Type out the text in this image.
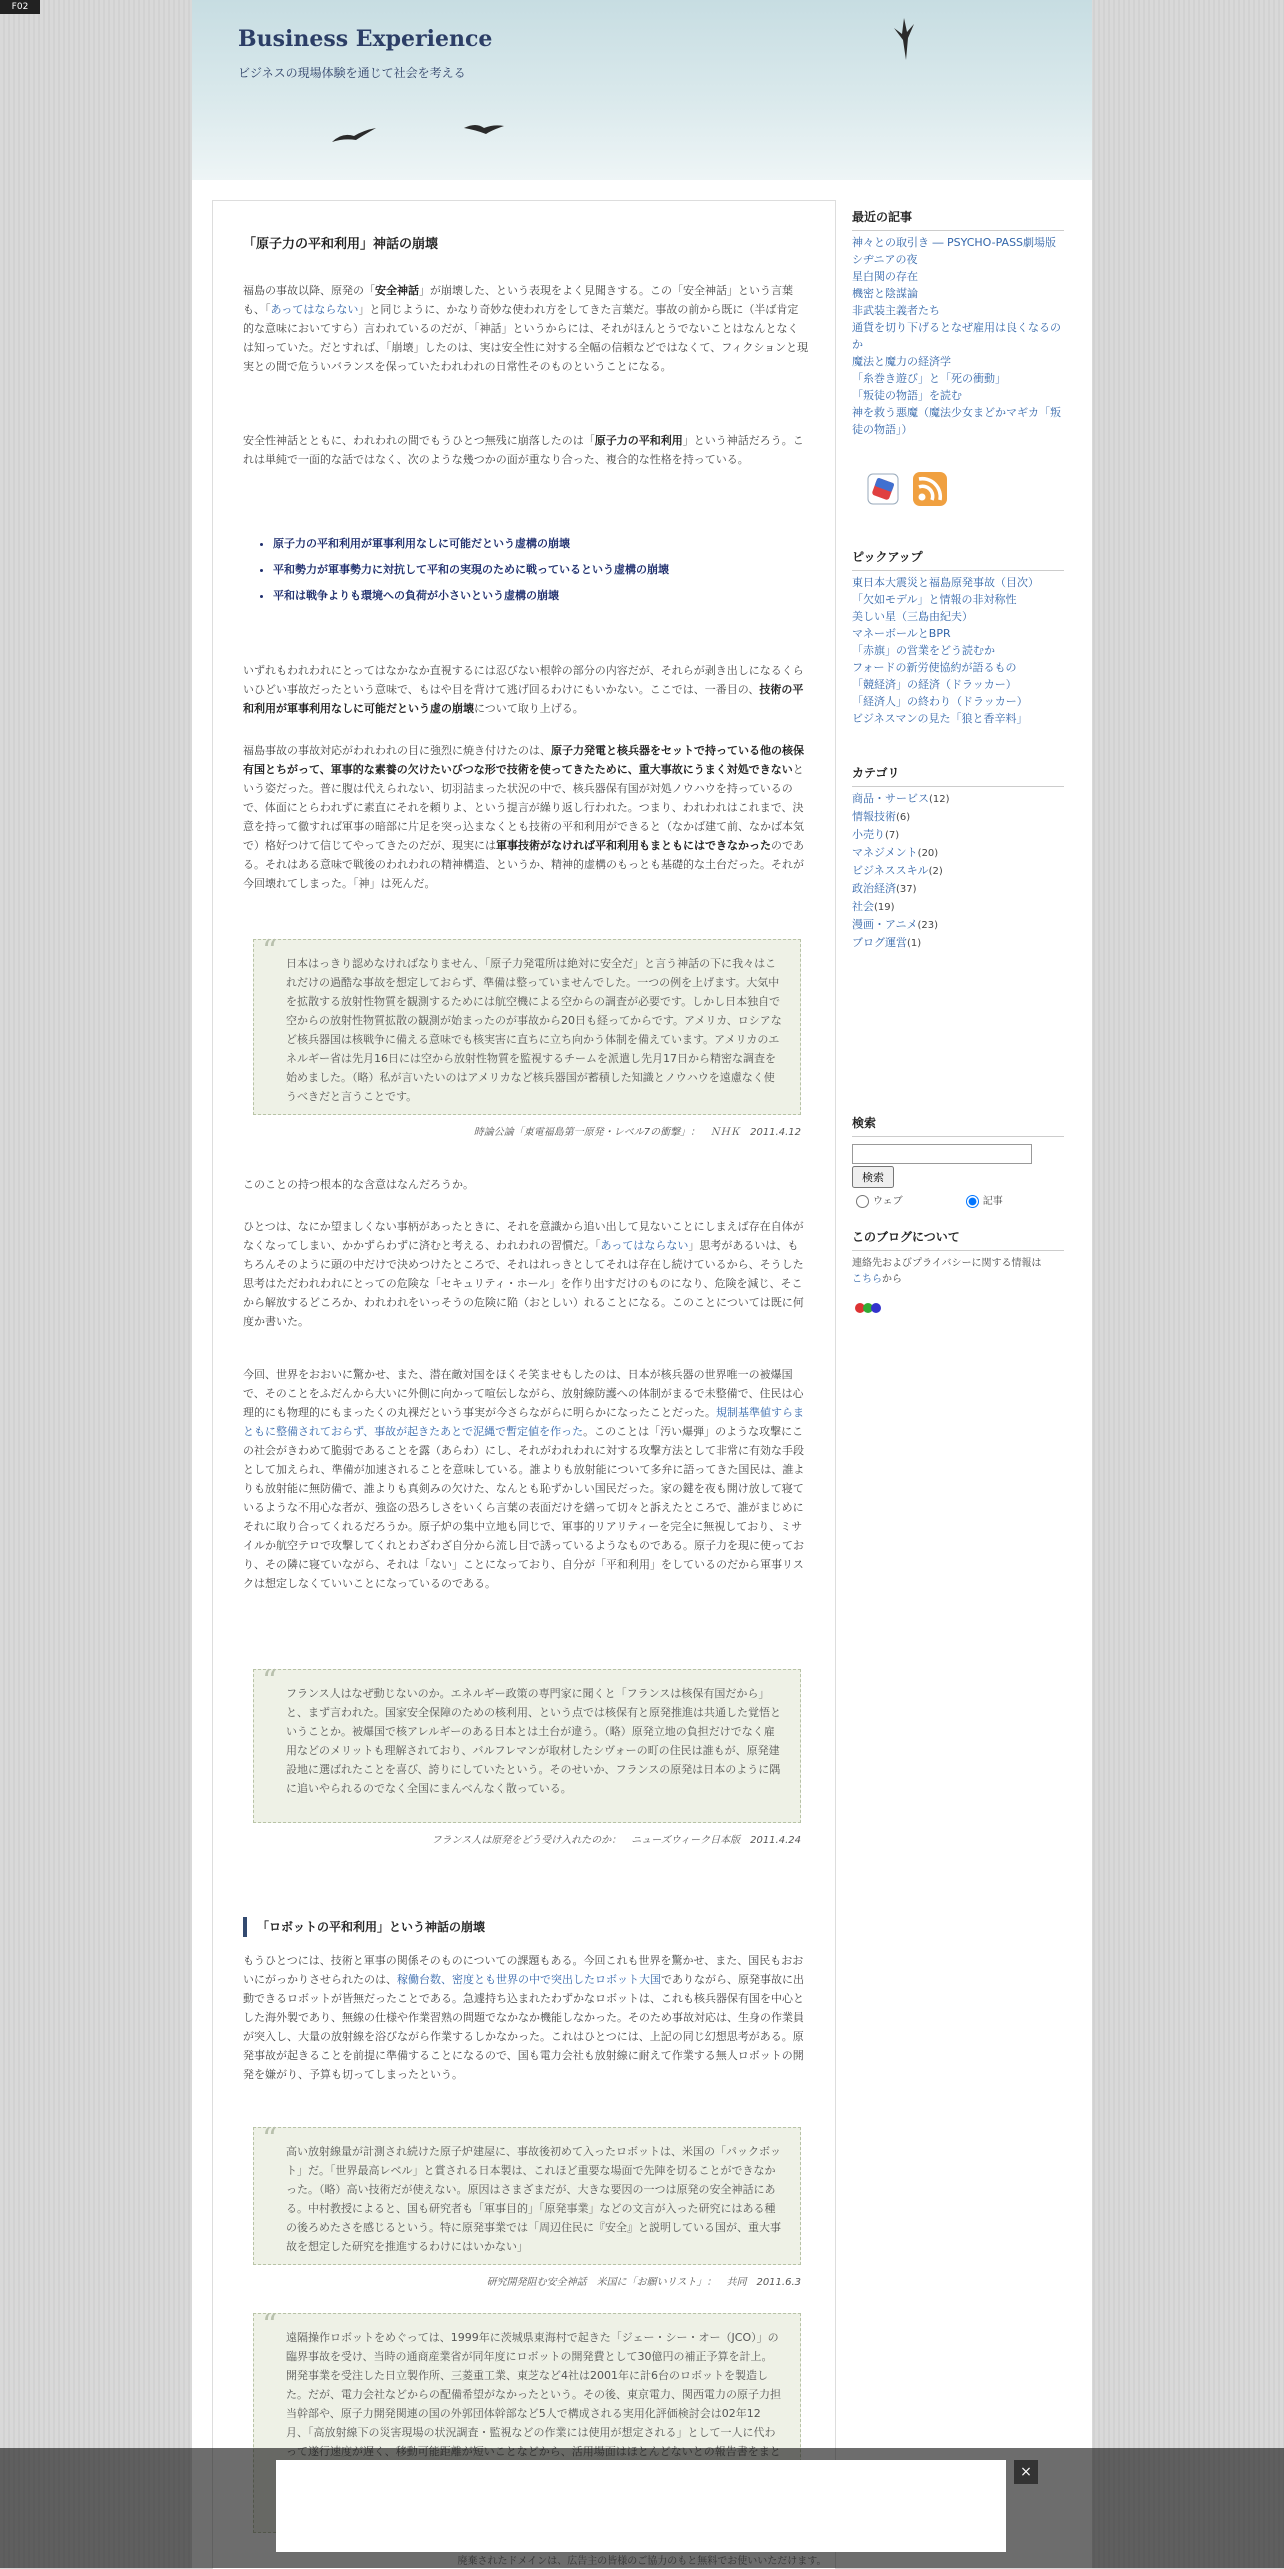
F02
Business Experience
ビジネスの現場体験を通じて社会を考える
「原子力の平和利用」神話の崩壊

福島の事故以降、原発の「安全神話」が崩壊した、という表現をよく見聞きする。この「安全神話」という言葉も、「あってはならない」と同じように、かなり奇妙な使われ方をしてきた言葉だ。事故の前から既に（半ば肯定的な意味においてすら）言われているのだが、「神話」というからには、それがほんとうでないことはなんとなくは知っていた。だとすれば、「崩壊」したのは、実は安全性に対する全幅の信頼などではなくて、フィクションと現実との間で危ういバランスを保っていたわれわれの日常性そのものということになる。

安全性神話とともに、われわれの間でもうひとつ無残に崩落したのは「原子力の平和利用」という神話だろう。これは単純で一面的な話ではなく、次のような幾つかの面が重なり合った、複合的な性格を持っている。

• 原子力の平和利用が軍事利用なしに可能だという虚構の崩壊
• 平和勢力が軍事勢力に対抗して平和の実現のために戦っているという虚構の崩壊
• 平和は戦争よりも環境への負荷が小さいという虚構の崩壊

いずれもわれわれにとってはなかなか直視するには忍びない根幹の部分の内容だが、それらが剥き出しになるくらいひどい事故だったという意味で、もはや目を背けて逃げ回るわけにもいかない。ここでは、一番目の、技術の平和利用が軍事利用なしに可能だという虚の崩壊について取り上げる。

福島事故の事故対応がわれわれの目に強烈に焼き付けたのは、原子力発電と核兵器をセットで持っている他の核保有国とちがって、軍事的な素養の欠けたいびつな形で技術を使ってきたために、重大事故にうまく対処できないという姿だった。普に腹は代えられない、切羽詰まった状況の中で、核兵器保有国が対処ノウハウを持っているので、体面にとらわれずに素直にそれを頼りよ、という提言が繰り返し行われた。つまり、われわれはこれまで、決意を持って徹すれば軍事の暗部に片足を突っ込まなくとも技術の平和利用ができると（なかば建て前、なかば本気で）格好つけて信じてやってきたのだが、現実には軍事技術がなければ平和利用もまともにはできなかったのである。それはある意味で戦後のわれわれの精神構造、というか、精神的虚構のもっとも基礎的な土台だった。それが今回壊れてしまった。「神」は死んだ。

“ 日本はっきり認めなければなりません、「原子力発電所は絶対に安全だ」と言う神話の下に我々はこれだけの過酷な事故を想定しておらず、準備は整っていませんでした。一つの例を上げます。大気中を拡散する放射性物質を観測するためには航空機による空からの調査が必要です。しかし日本独自で空からの放射性物質拡散の観測が始まったのが事故から20日も経ってからです。アメリカ、ロシアなど核兵器国は核戦争に備える意味でも核実害に直ちに立ち向かう体制を備えています。アメリカのエネルギー省は先月16日には空から放射性物質を監視するチームを派遣し先月17日から精密な調査を始めました。（略）私が言いたいのはアメリカなど核兵器国が蓄積した知識とノウハウを遠慮なく使うべきだと言うことです。
時論公論「東電福島第一原発・レベル7の衝撃」：　ＮＨＫ　2011.4.12

このことの持つ根本的な含意はなんだろうか。

ひとつは、なにか望ましくない事柄があったときに、それを意識から追い出して見ないことにしまえば存在自体がなくなってしまい、かかずらわずに済むと考える、われわれの習慣だ。「あってはならない」思考があるいは、もちろんそのように頭の中だけで決めつけたところで、それはれっきとしてそれは存在し続けているから、そうした思考はただわれわれにとっての危険な「セキュリティ・ホール」を作り出すだけのものになり、危険を減じ、そこから解放するどころか、われわれをいっそうの危険に陥（おとしい）れることになる。このことについては既に何度か書いた。

今回、世界をおおいに驚かせ、また、潜在敵対国をほくそ笑ませもしたのは、日本が核兵器の世界唯一の被爆国で、そのことをふだんから大いに外側に向かって喧伝しながら、放射線防護への体制がまるで未整備で、住民は心理的にも物理的にもまったくの丸裸だという事実が今さらながらに明らかになったことだった。規制基準値すらまともに整備されておらず、事故が起きたあとで泥縄で暫定値を作った。このことは「汚い爆弾」のような攻撃にこの社会がきわめて脆弱であることを露（あらわ）にし、それがわれわれに対する攻撃方法として非常に有効な手段として加えられ、準備が加速されることを意味している。誰よりも放射能について多弁に語ってきた国民は、誰よりも放射能に無防備で、誰よりも真剣みの欠けた、なんとも恥ずかしい国民だった。家の鍵を夜も開け放して寝ているような不用心な者が、強盗の恐ろしさをいくら言葉の表面だけを繕って切々と訴えたところで、誰がまじめにそれに取り合ってくれるだろうか。原子炉の集中立地も同じで、軍事的リアリティーを完全に無視しており、ミサイルか航空テロで攻撃してくれとわざわざ自分から流し目で誘っているようなものである。原子力を現に使っており、その隣に寝ていながら、それは「ない」ことになっており、自分が「平和利用」をしているのだから軍事リスクは想定しなくていいことになっているのである。

“ フランス人はなぜ動じないのか。エネルギー政策の専門家に聞くと「フランスは核保有国だから」と、まず言われた。国家安全保障のための核利用、という点では核保有と原発推進は共通した覚悟ということか。被爆国で核アレルギーのある日本とは土台が違う。（略）原発立地の負担だけでなく雇用などのメリットも理解されており、バルフレマンが取材したシヴォーの町の住民は誰もが、原発建設地に選ばれたことを喜び、誇りにしていたという。そのせいか、フランスの原発は日本のように隅に追いやられるのでなく全国にまんべんなく散っている。
フランス人は原発をどう受け入れたのか：　ニューズウィーク日本版　2011.4.24
「ロボットの平和利用」という神話の崩壊

もうひとつには、技術と軍事の関係そのものについての課題もある。今回これも世界を驚かせ、また、国民もおおいにがっかりさせられたのは、稼働台数、密度とも世界の中で突出したロボット大国でありながら、原発事故に出動できるロボットが皆無だったことである。急遽持ち込まれたわずかなロボットは、これも核兵器保有国を中心とした海外製であり、無線の仕様や作業習熟の問題でなかなか機能しなかった。そのため事故対応は、生身の作業員が突入し、大量の放射線を浴びながら作業するしかなかった。これはひとつには、上記の同じ幻想思考がある。原発事故が起きることを前提に準備することになるので、国も電力会社も放射線に耐えて作業する無人ロボットの開発を嫌がり、予算も切ってしまったという。

“ 高い放射線量が計測され続けた原子炉建屋に、事故後初めて入ったロボットは、米国の「パックボット」だ。「世界最高レベル」と賞される日本製は、これほど重要な場面で先陣を切ることができなかった。（略）高い技術だが使えない。原因はさまざまだが、大きな要因の一つは原発の安全神話にある。中村教授によると、国も研究者も「軍事目的」「原発事業」などの文言が入った研究にはある種の後ろめたさを感じるという。特に原発事業では「周辺住民に『安全』と説明している国が、重大事故を想定した研究を推進するわけにはいかない」
研究開発阻む安全神話　米国に「お願いリスト」：　共同　2011.6.3
“ 遠隔操作ロボットをめぐっては、1999年に茨城県東海村で起きた「ジェー・シー・オー（JCO）」の臨界事故を受け、当時の通商産業省が同年度にロボットの開発費として30億円の補正予算を計上。開発事業を受注した日立製作所、三菱重工業、東芝など4社は2001年に計6台のロボットを製造した。だが、電力会社などからの配備希望がなかったという。その後、東京電力、関西電力の原子力担当幹部や、原子力開発関連の国の外郭団体幹部など5人で構成される実用化評価検討会は02年12月、「高放射線下の災害現場の状況調査・監視などの作業には使用が想定される」として一人に代わ
最近の記事
神々との取引き ― PSYCHO-PASS劇場版
シヂニアの夜
星白関の存在
機密と陰謀論
非武装主義者たち
通貨を切り下げるとなぜ雇用は良くなるのか
魔法と魔力の経済学
「糸巻き遊び」と「死の衝動」
「叛徒の物語」を読む
神を救う悪魔（魔法少女まどかマギカ「叛徒の物語」）
ピックアップ
東日本大震災と福島原発事故（目次）
「欠如モデル」と情報の非対称性
美しい星（三島由紀夫）
マネーボールとBPR
「赤旗」の営業をどう読むか
フォードの新労使協約が語るもの
「競経済」の経済（ドラッカー）
「経済人」の終わり（ドラッカー）
ビジネスマンの見た「狼と香辛料」
カテゴリ
商品・サービス(12)
情報技術(6)
小売り(7)
マネジメント(20)
ビジネススキル(2)
政治経済(37)
社会(19)
漫画・アニメ(23)
ブログ運営(1)
検索
検索
ウェブ	記事
このブログについて
連絡先およびプライバシーに関する情報は
こちらから
×
廃棄されたドメインは、広告主の皆様のご協力のもと無料でお使いいただけます。
